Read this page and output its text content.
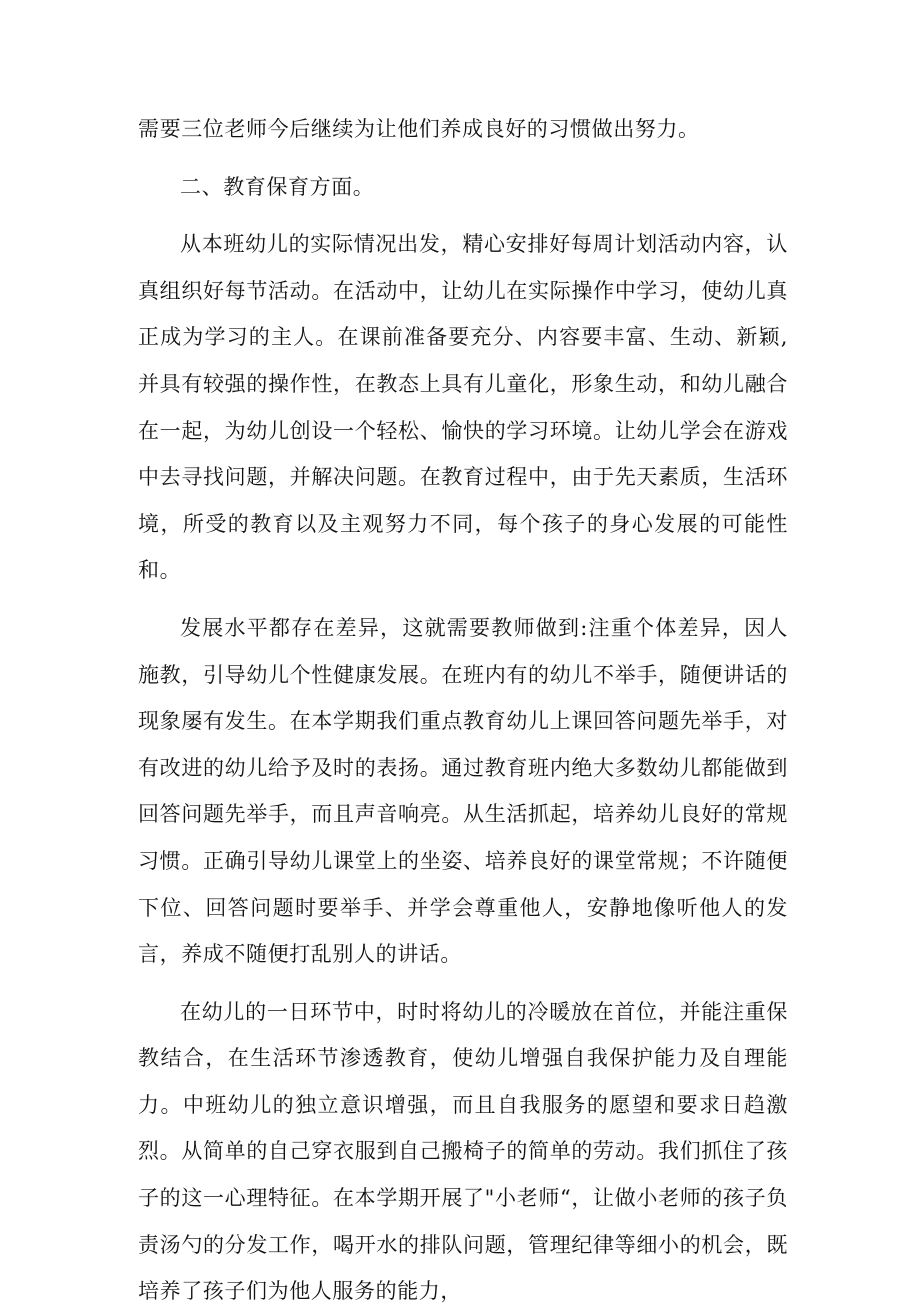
需要三位老师今后继续为让他们养成良好的习惯做出努力。

二、教育保育方面。

从本班幼儿的实际情况出发，精心安排好每周计划活动内容，认真组织好每节活动。在活动中，让幼儿在实际操作中学习，使幼儿真正成为学习的主人。在课前准备要充分、内容要丰富、生动、新颖,并具有较强的操作性，在教态上具有儿童化，形象生动，和幼儿融合在一起，为幼儿创设一个轻松、愉快的学习环境。让幼儿学会在游戏中去寻找问题，并解决问题。在教育过程中，由于先天素质，生活环境，所受的教育以及主观努力不同，每个孩子的身心发展的可能性和。

发展水平都存在差异，这就需要教师做到:注重个体差异，因人施教，引导幼儿个性健康发展。在班内有的幼儿不举手，随便讲话的现象屡有发生。在本学期我们重点教育幼儿上课回答问题先举手，对有改进的幼儿给予及时的表扬。通过教育班内绝大多数幼儿都能做到回答问题先举手，而且声音响亮。从生活抓起，培养幼儿良好的常规习惯。正确引导幼儿课堂上的坐姿、培养良好的课堂常规；不许随便下位、回答问题时要举手、并学会尊重他人，安静地像听他人的发言，养成不随便打乱别人的讲话。

在幼儿的一日环节中，时时将幼儿的冷暖放在首位，并能注重保教结合，在生活环节渗透教育，使幼儿增强自我保护能力及自理能力。中班幼儿的独立意识增强，而且自我服务的愿望和要求日趋激烈。从简单的自己穿衣服到自己搬椅子的简单的劳动。我们抓住了孩子的这一心理特征。在本学期开展了"小老师“，让做小老师的孩子负责汤勺的分发工作，喝开水的排队问题，管理纪律等细小的机会，既培养了孩子们为他人服务的能力，
